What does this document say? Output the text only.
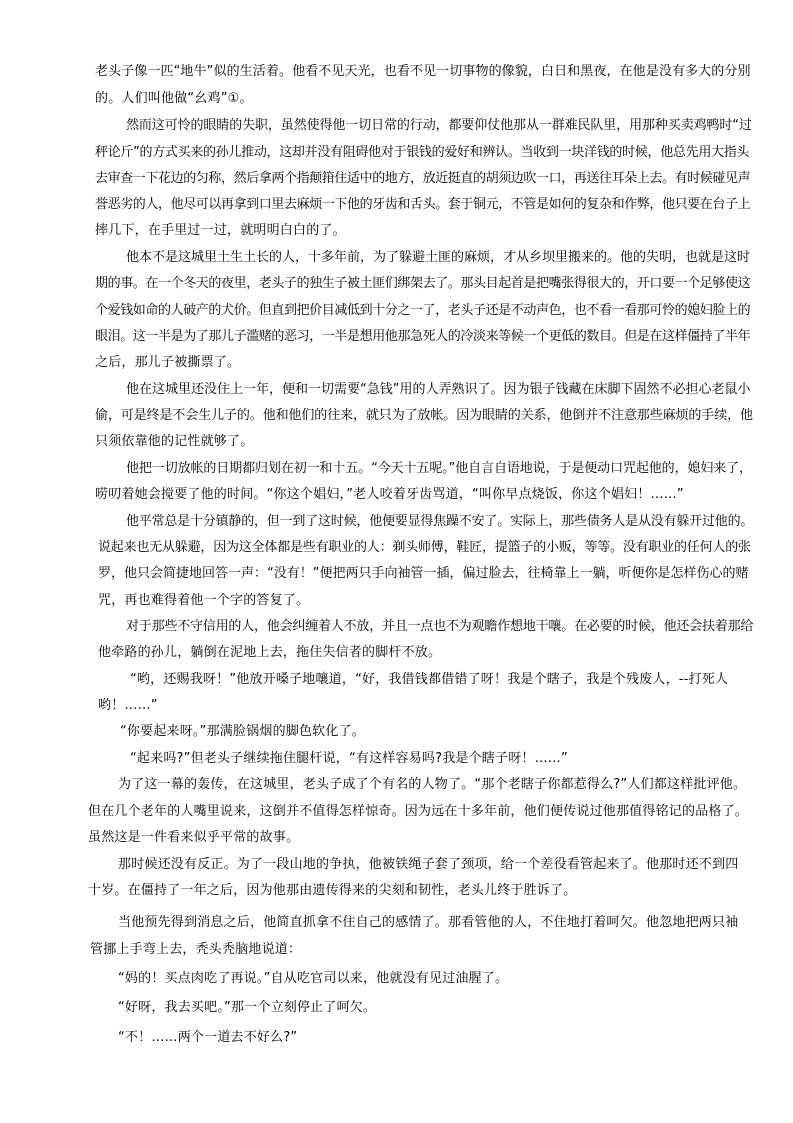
老头子像一匹“地牛”似的生活着。他看不见天光，也看不见一切事物的像貌，白日和黑夜，在他是没有多大的分别
的。人们叫他做“幺鸡”①。
然而这可怜的眼睛的失职，虽然使得他一切日常的行动，都要仰仗他那从一群难民队里，用那种买卖鸡鸭时“过
秤论斤”的方式买来的孙儿推动，这却并没有阻碍他对于银钱的爱好和辨认。当收到一块洋钱的时候，他总先用大指头
去审查一下花边的匀称，然后拿两个指颠箝住适中的地方，放近挺直的胡须边吹一口，再送往耳朵上去。有时候碰见声
誉恶劣的人，他尽可以再拿到口里去麻烦一下他的牙齿和舌头。套于铜元，不管是如何的复杂和作弊，他只要在台子上
摔几下，在手里过一过，就明明白白的了。
他本不是这城里土生土长的人，十多年前，为了躲避土匪的麻烦，才从乡坝里搬来的。他的失明，也就是这时
期的事。在一个冬天的夜里，老头子的独生子被土匪们绑架去了。那头目起首是把嘴张得很大的，开口要一个足够使这
个爱钱如命的人破产的犬价。但直到把价目减低到十分之一了，老头子还是不动声色，也不看一看那可怜的媳妇脸上的
眼泪。这一半是为了那儿子滥赌的恶习，一半是想用他那急死人的冷淡来等候一个更低的数目。但是在这样僵持了半年
之后，那儿子被撕票了。
他在这城里还没住上一年，便和一切需要“急钱”用的人弄熟识了。因为银子钱藏在床脚下固然不必担心老鼠小
偷，可是终是不会生儿子的。他和他们的往来，就只为了放帐。因为眼睛的关系，他倒并不注意那些麻烦的手续，他
只须依靠他的记性就够了。
他把一切放帐的日期都归划在初一和十五。“今天十五呢。”他自言自语地说，于是便动口咒起他的，媳妇来了，
唠叨着她会搅要了他的时间。“你这个娼妇，”老人咬着牙齿骂道，“叫你早点烧饭，你这个娼妇！……”
他平常总是十分镇静的，但一到了这时候，他便要显得焦躁不安了。实际上，那些债务人是从没有躲开过他的。
说起来也无从躲避，因为这全体都是些有职业的人：剃头师傅，鞋匠，提篮子的小贩，等等。没有职业的任何人的张
罗，他只会简捷地回答一声：“没有！”便把两只手向袖管一插，偏过脸去，往椅靠上一躺，听便你是怎样伤心的赌
咒，再也难得着他一个字的答复了。
对于那些不守信用的人，他会纠缠着人不放，并且一点也不为观瞻作想地干嚷。在必要的时候，他还会扶着那给
他牵路的孙儿，躺倒在泥地上去，拖住失信者的脚杆不放。
“哟，还赐我呀！”他放开嗓子地嚷道，“好，我借钱都借错了呀！我是个瞎子，我是个残废人，--打死人
哟！……”
“你要起来呀。”那满脸锅烟的脚色软化了。
“起来吗?”但老头子继续拖住腿杆说，“有这样容易吗?我是个瞎子呀！……”
为了这一幕的轰传，在这城里，老头子成了个有名的人物了。“那个老瞎子你都惹得么?”人们都这样批评他。
但在几个老年的人嘴里说来，这倒并不值得怎样惊奇。因为远在十多年前，他们便传说过他那值得铭记的品格了。
虽然这是一件看来似乎平常的故事。
那时候还没有反正。为了一段山地的争执，他被铁绳子套了颈项，给一个差役看管起来了。他那时还不到四
十岁。在僵持了一年之后，因为他那由遗传得来的尖刻和韧性，老头儿终于胜诉了。
当他预先得到消息之后，他简直抓拿不住自己的感情了。那看管他的人，不住地打着呵欠。他忽地把两只袖
管挪上手弯上去，秃头秃脑地说道：
“妈的！买点肉吃了再说。”自从吃官司以来，他就没有见过油腥了。
“好呀，我去买吧。”那一个立刻停止了呵欠。
“不！……两个一道去不好么?”
